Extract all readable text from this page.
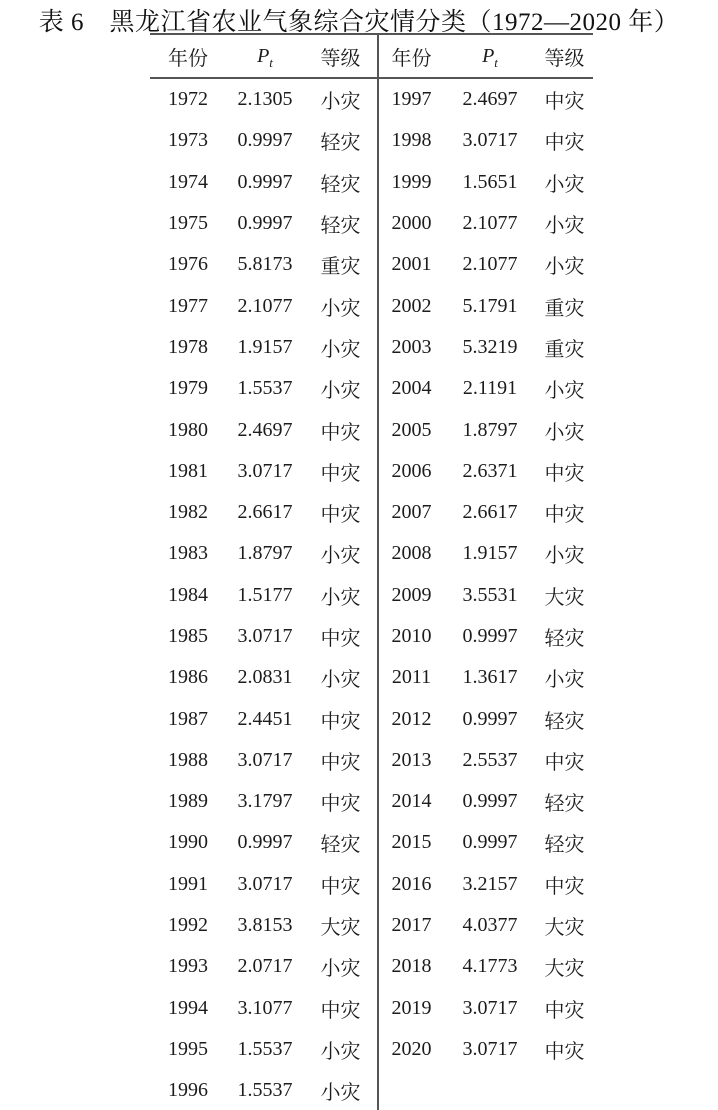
表 6　黑龙江省农业气象综合灾情分类（1972—2020 年）
年份	$P_t$	等级	年份	$P_t$	等级
1972	2.1305	小灾	1997	2.4697	中灾
1973	0.9997	轻灾	1998	3.0717	中灾
1974	0.9997	轻灾	1999	1.5651	小灾
1975	0.9997	轻灾	2000	2.1077	小灾
1976	5.8173	重灾	2001	2.1077	小灾
1977	2.1077	小灾	2002	5.1791	重灾
1978	1.9157	小灾	2003	5.3219	重灾
1979	1.5537	小灾	2004	2.1191	小灾
1980	2.4697	中灾	2005	1.8797	小灾
1981	3.0717	中灾	2006	2.6371	中灾
1982	2.6617	中灾	2007	2.6617	中灾
1983	1.8797	小灾	2008	1.9157	小灾
1984	1.5177	小灾	2009	3.5531	大灾
1985	3.0717	中灾	2010	0.9997	轻灾
1986	2.0831	小灾	2011	1.3617	小灾
1987	2.4451	中灾	2012	0.9997	轻灾
1988	3.0717	中灾	2013	2.5537	中灾
1989	3.1797	中灾	2014	0.9997	轻灾
1990	0.9997	轻灾	2015	0.9997	轻灾
1991	3.0717	中灾	2016	3.2157	中灾
1992	3.8153	大灾	2017	4.0377	大灾
1993	2.0717	小灾	2018	4.1773	大灾
1994	3.1077	中灾	2019	3.0717	中灾
1995	1.5537	小灾	2020	3.0717	中灾
1996	1.5537	小灾			
